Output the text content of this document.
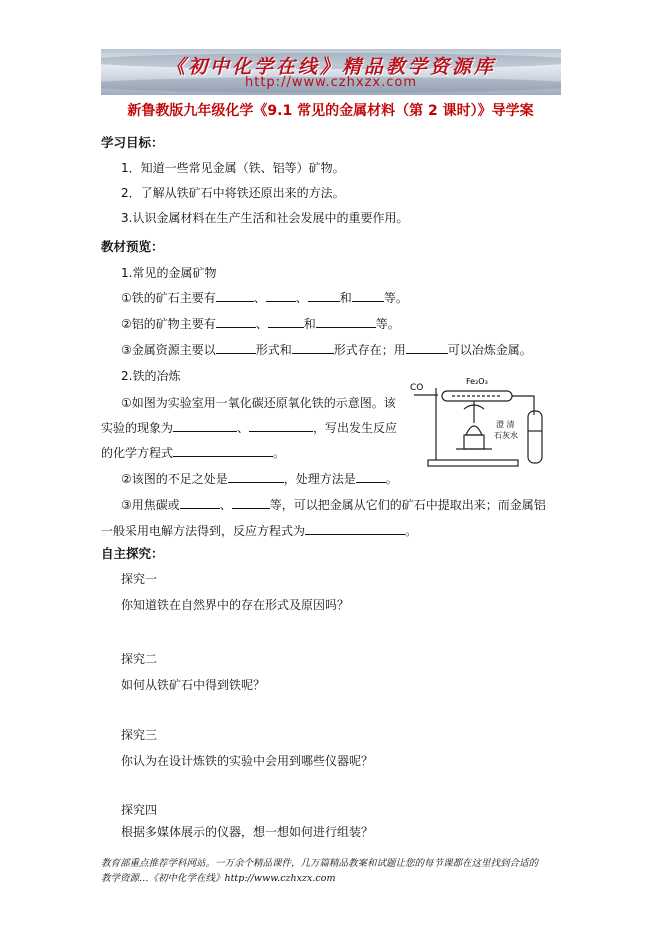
《初中化学在线》精品教学资源库
http://www.czhxzx.com
新鲁教版九年级化学《9.1 常见的金属材料（第 2 课时）》导学案
学习目标：
1．知道一些常见金属（铁、铝等）矿物。
2．了解从铁矿石中将铁还原出来的方法。
3.认识金属材料在生产生活和社会发展中的重要作用。
教材预览：
1.常见的金属矿物
①铁的矿石主要有	、	、	和	等。
②铝的矿物主要有	、	和	等。
③金属资源主要以	形式和	形式存在；用	可以冶炼金属。
2.铁的冶炼
①如图为实验室用一氧化碳还原氧化铁的示意图。该
实验的现象为	、	，写出发生反应
的化学方程式	。
CO
Fe₂O₃
澄 清
石灰水
②该图的不足之处是	，处理方法是	。
③用焦碳或	、	等，可以把金属从它们的矿石中提取出来；而金属铝
一般采用电解方法得到，反应方程式为	。
自主探究：
探究一
你知道铁在自然界中的存在形式及原因吗？
探究二
如何从铁矿石中得到铁呢？
探究三
你认为在设计炼铁的实验中会用到哪些仪器呢？
探究四
根据多媒体展示的仪器，想一想如何进行组装？
教育部重点推荐学科网站。一万余个精品课件，几万篇精品教案和试题让您的每节课都在这里找到合适的
教学资源…《初中化学在线》http://www.czhxzx.com
